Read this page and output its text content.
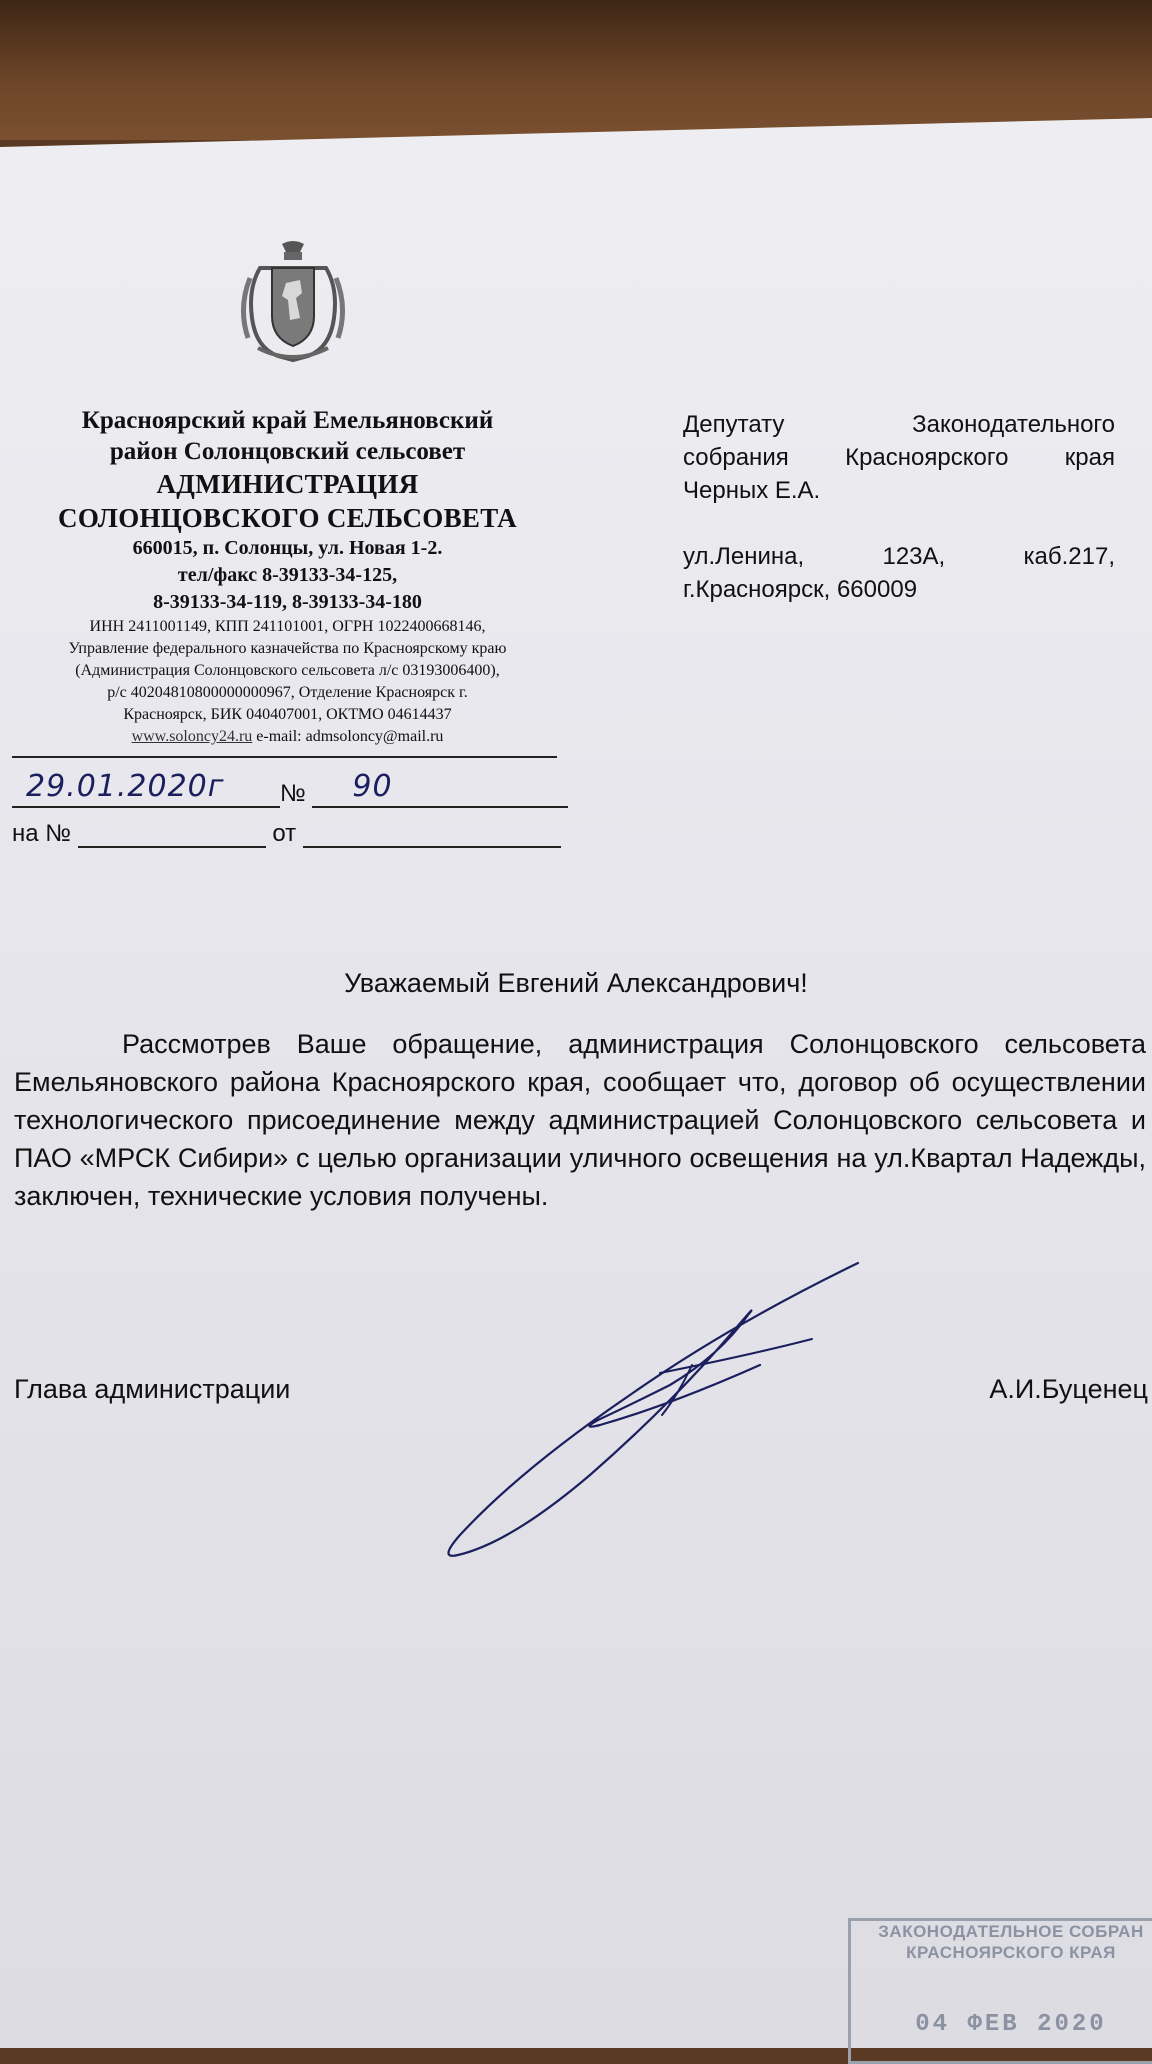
Красноярский край Емельяновский
район Солонцовский сельсовет
АДМИНИСТРАЦИЯ
СОЛОНЦОВСКОГО СЕЛЬСОВЕТА
660015, п. Солонцы, ул. Новая 1-2.
тел/факс 8-39133-34-125,
8-39133-34-119, 8-39133-34-180
ИНН 2411001149, КПП 241101001, ОГРН 1022400668146,
Управление федерального казначейства по Красноярскому краю
(Администрация Солонцовского сельсовета л/с 03193006400),
р/с 40204810800000000967, Отделение Красноярск г.
Красноярск, БИК 040407001, ОКТМО 04614437
www.soloncy24.ru e-mail: admsoloncy@mail.ru

Депутату Законодательного

собрания Красноярского края

Черных Е.А.

ул.Ленина, 123А, каб.217,

г.Красноярск, 660009

29.01.2020г № 90
на №	от
Уважаемый Евгений Александрович!

Рассмотрев Ваше обращение, администрация Солонцовского сельсовета Емельяновского района Красноярского края, сообщает что, договор об осуществлении технологического присоединение между администрацией Солонцовского сельсовета и ПАО «МРСК Сибири» с целью организации уличного освещения на ул.Квартал Надежды, заключен, технические условия получены.

Глава администрации	А.И.Буценец
ЗАКОНОДАТЕЛЬНОЕ СОБРАН
КРАСНОЯРСКОГО КРАЯ
04 ФЕВ 2020
